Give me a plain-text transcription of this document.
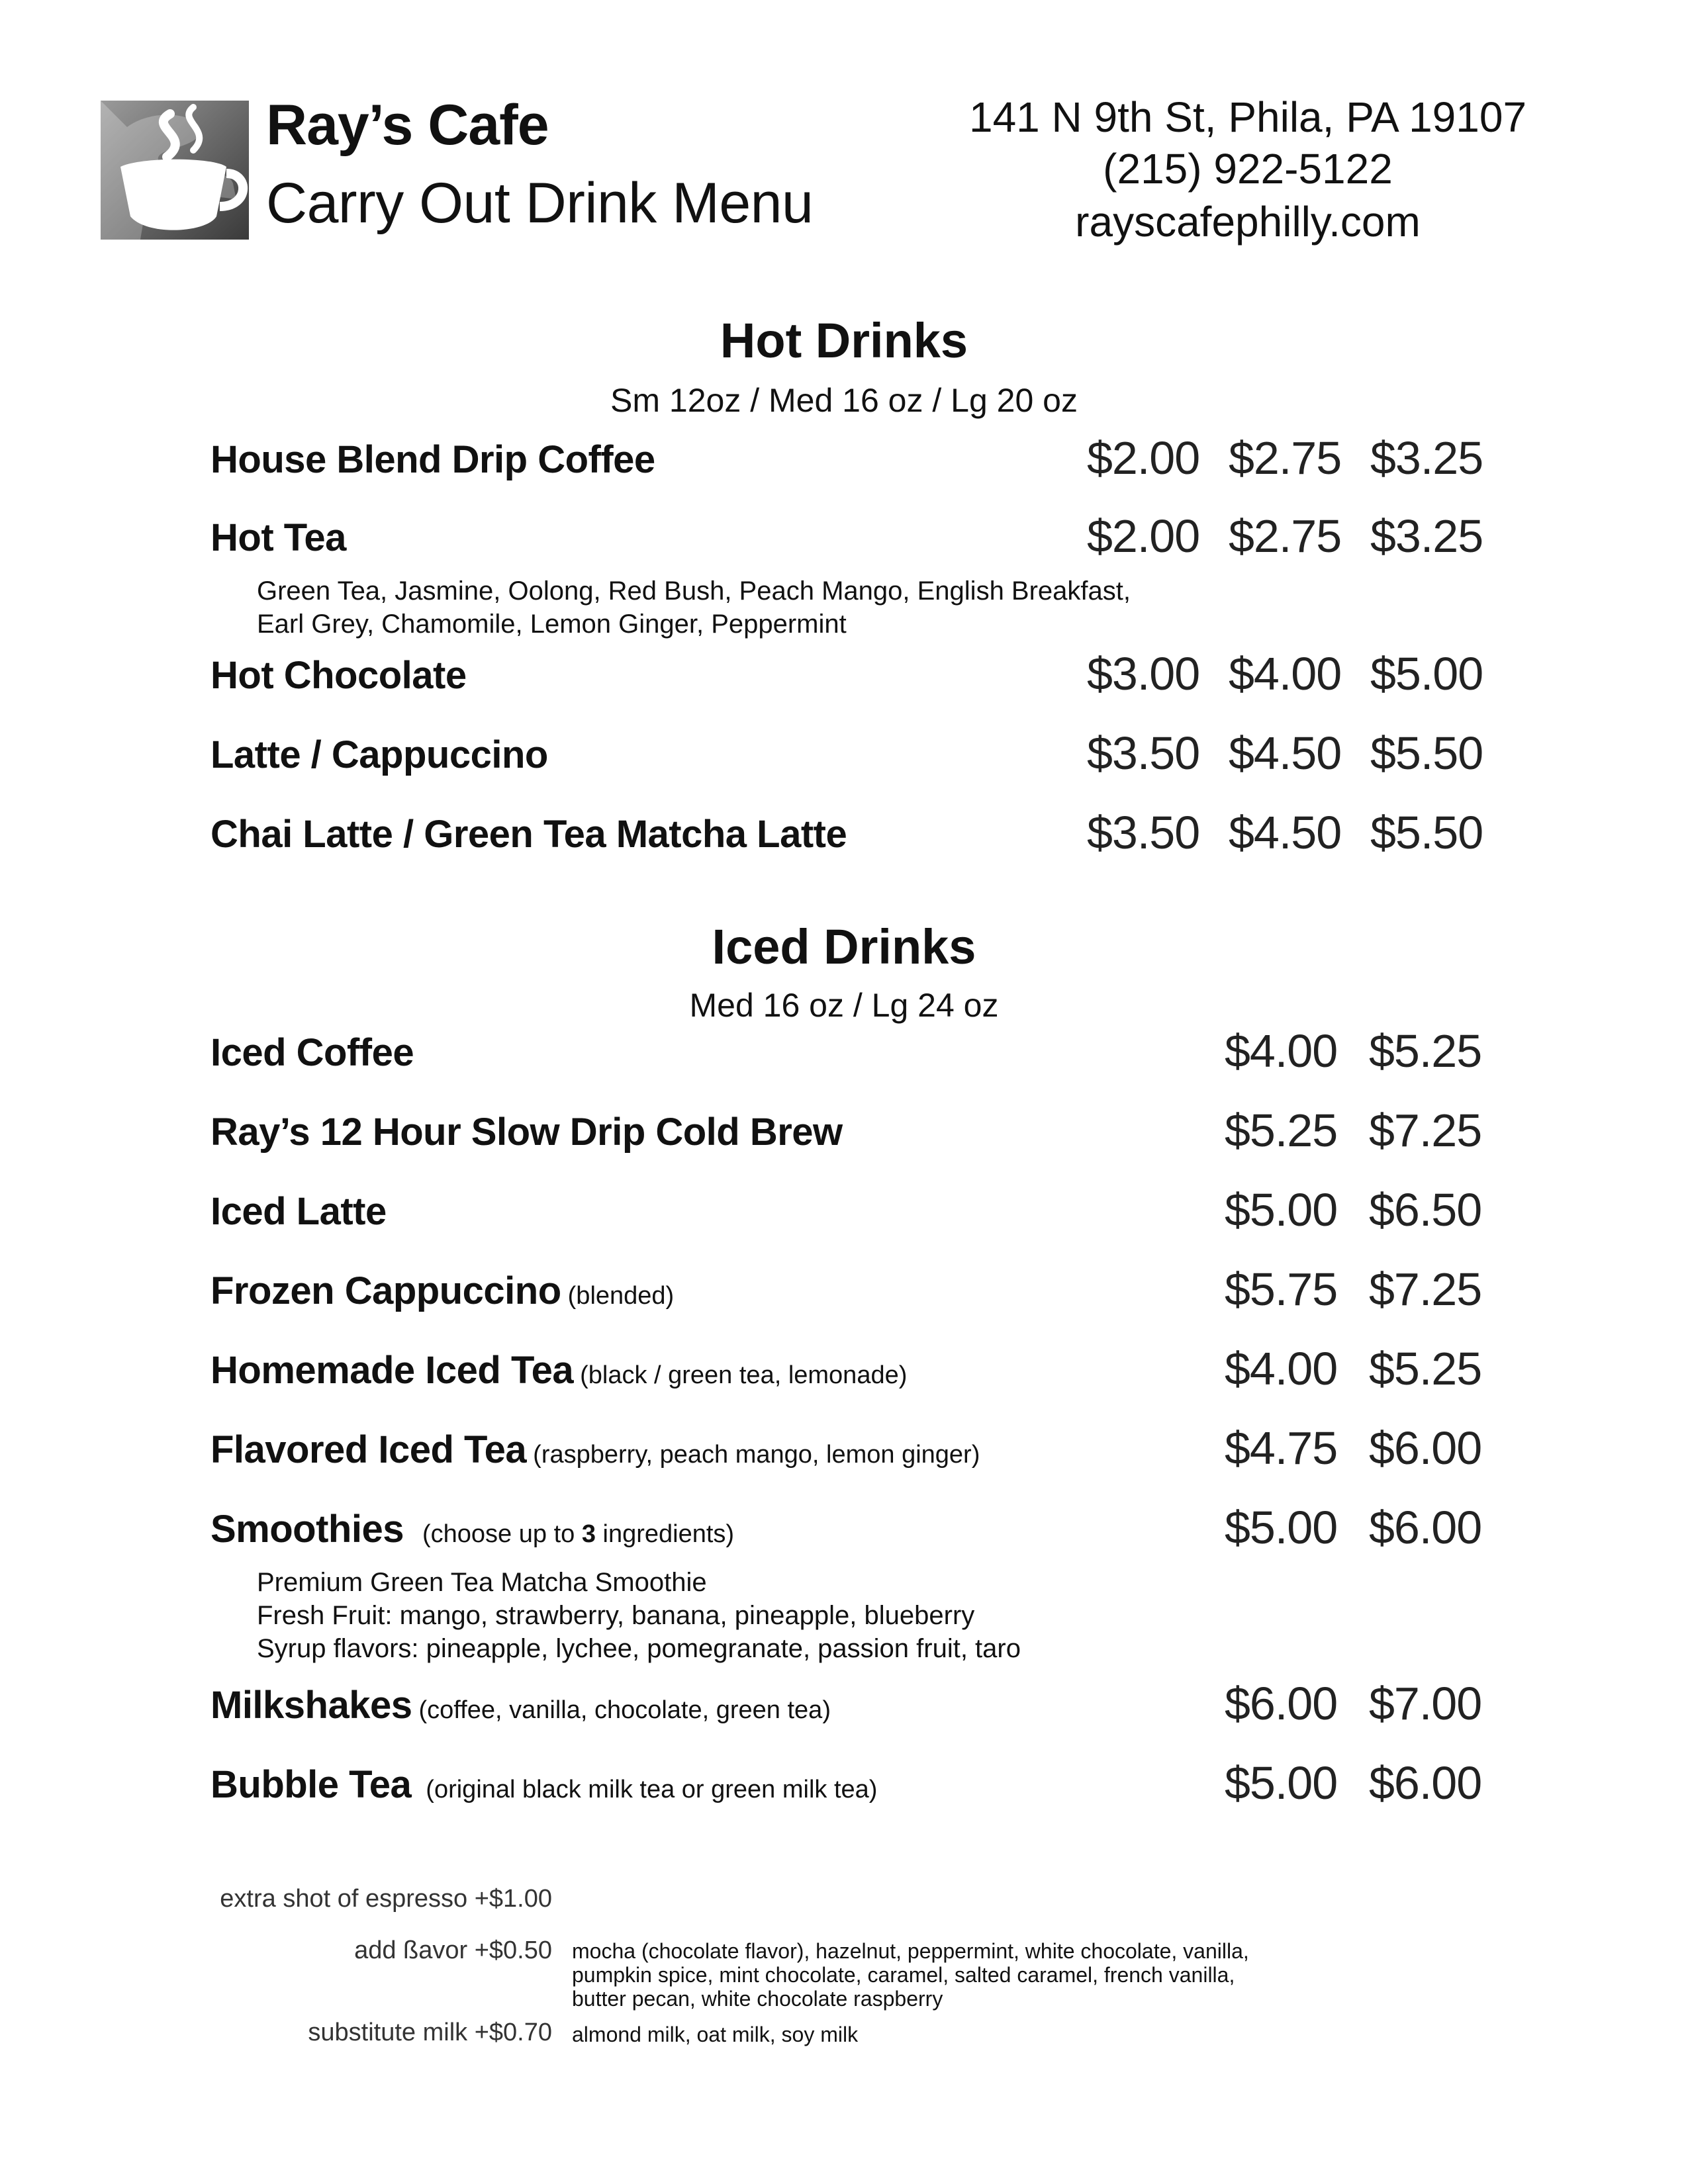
Ray’s Cafe
Carry Out Drink Menu
141 N 9th St, Phila, PA 19107
(215) 922-5122
rayscafephilly.com
Hot Drinks
Sm 12oz / Med 16 oz / Lg 20 oz
House Blend Drip Coffee	$2.00 $2.75 $3.25
Hot Tea	$2.00 $2.75 $3.25
Green Tea, Jasmine, Oolong, Red Bush, Peach Mango, English Breakfast,
Earl Grey, Chamomile, Lemon Ginger, Peppermint
Hot Chocolate	$3.00 $4.00 $5.00
Latte / Cappuccino	$3.50 $4.50 $5.50
Chai Latte / Green Tea Matcha Latte	$3.50 $4.50 $5.50
Iced Drinks
Med 16 oz / Lg 24 oz
Iced Coffee	$4.00 $5.25
Ray’s 12 Hour Slow Drip Cold Brew	$5.25 $7.25
Iced Latte	$5.00 $6.50
Frozen Cappuccino (blended)	$5.75 $7.25
Homemade Iced Tea (black / green tea, lemonade)	$4.00 $5.25
Flavored Iced Tea (raspberry, peach mango, lemon ginger)	$4.75 $6.00
Smoothies (choose up to 3 ingredients)	$5.00 $6.00
Premium Green Tea Matcha Smoothie
Fresh Fruit: mango, strawberry, banana, pineapple, blueberry
Syrup flavors: pineapple, lychee, pomegranate, passion fruit, taro
Milkshakes (coffee, vanilla, chocolate, green tea)	$6.00 $7.00
Bubble Tea (original black milk tea or green milk tea)	$5.00 $6.00
extra shot of espresso +$1.00
add ßavor +$0.50 mocha (chocolate flavor), hazelnut, peppermint, white chocolate, vanilla,
pumpkin spice, mint chocolate, caramel, salted caramel, french vanilla,
butter pecan, white chocolate raspberry
substitute milk +$0.70 almond milk, oat milk, soy milk
